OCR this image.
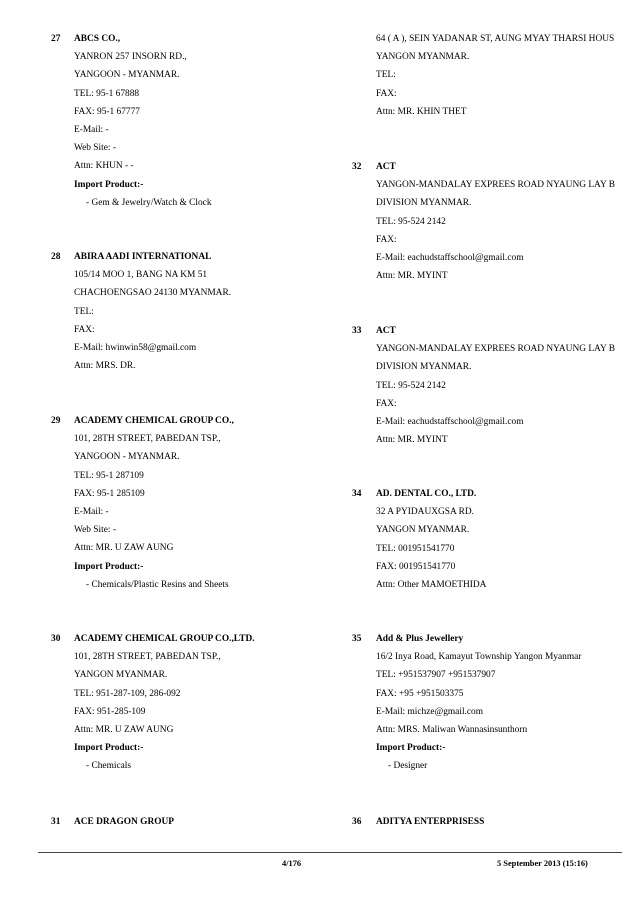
27 ABCS CO.,
YANRON 257 INSORN RD.,
YANGOON - MYANMAR.
TEL: 95-1 67888
FAX: 95-1 67777
E-Mail: -
Web Site: -
Attn: KHUN - -
Import Product:-
- Gem & Jewelry/Watch & Clock
28 ABIRA AADI INTERNATIONAL
105/14 MOO 1, BANG NA KM 51
CHACHOENGSAO 24130 MYANMAR.
TEL:
FAX:
E-Mail: hwinwin58@gmail.com
Attn: MRS. DR.
29 ACADEMY CHEMICAL GROUP CO.,
101, 28TH STREET, PABEDAN TSP.,
YANGOON - MYANMAR.
TEL: 95-1 287109
FAX: 95-1 285109
E-Mail: -
Web Site: -
Attn: MR. U ZAW AUNG
Import Product:-
- Chemicals/Plastic Resins and Sheets
30 ACADEMY CHEMICAL GROUP CO.,LTD.
101, 28TH STREET, PABEDAN TSP.,
YANGON MYANMAR.
TEL: 951-287-109, 286-092
FAX: 951-285-109
Attn: MR. U ZAW AUNG
Import Product:-
- Chemicals
31 ACE DRAGON GROUP
64 ( A ), SEIN YADANAR ST, AUNG MYAY THARSI HOUS
YANGON MYANMAR.
TEL:
FAX:
Attn: MR. KHIN THET
32 ACT
YANGON-MANDALAY EXPREES ROAD NYAUNG LAY B
DIVISION MYANMAR.
TEL: 95-524 2142
FAX:
E-Mail: eachudstaffschool@gmail.com
Attn: MR. MYINT
33 ACT
YANGON-MANDALAY EXPREES ROAD NYAUNG LAY B
DIVISION MYANMAR.
TEL: 95-524 2142
FAX:
E-Mail: eachudstaffschool@gmail.com
Attn: MR. MYINT
34 AD. DENTAL CO., LTD.
32 A PYIDAUXGSA RD.
YANGON MYANMAR.
TEL: 001951541770
FAX: 001951541770
Attn: Other MAMOETHIDA
35 Add & Plus Jewellery
16/2 Inya Road, Kamayut Township Yangon Myanmar
TEL: +951537907 +951537907
FAX: +95 +951503375
E-Mail: michze@gmail.com
Attn: MRS. Maliwan Wannasinsunthorn
Import Product:-
- Designer
36 ADITYA ENTERPRISESS
4/176	5 September 2013 (15:16)
